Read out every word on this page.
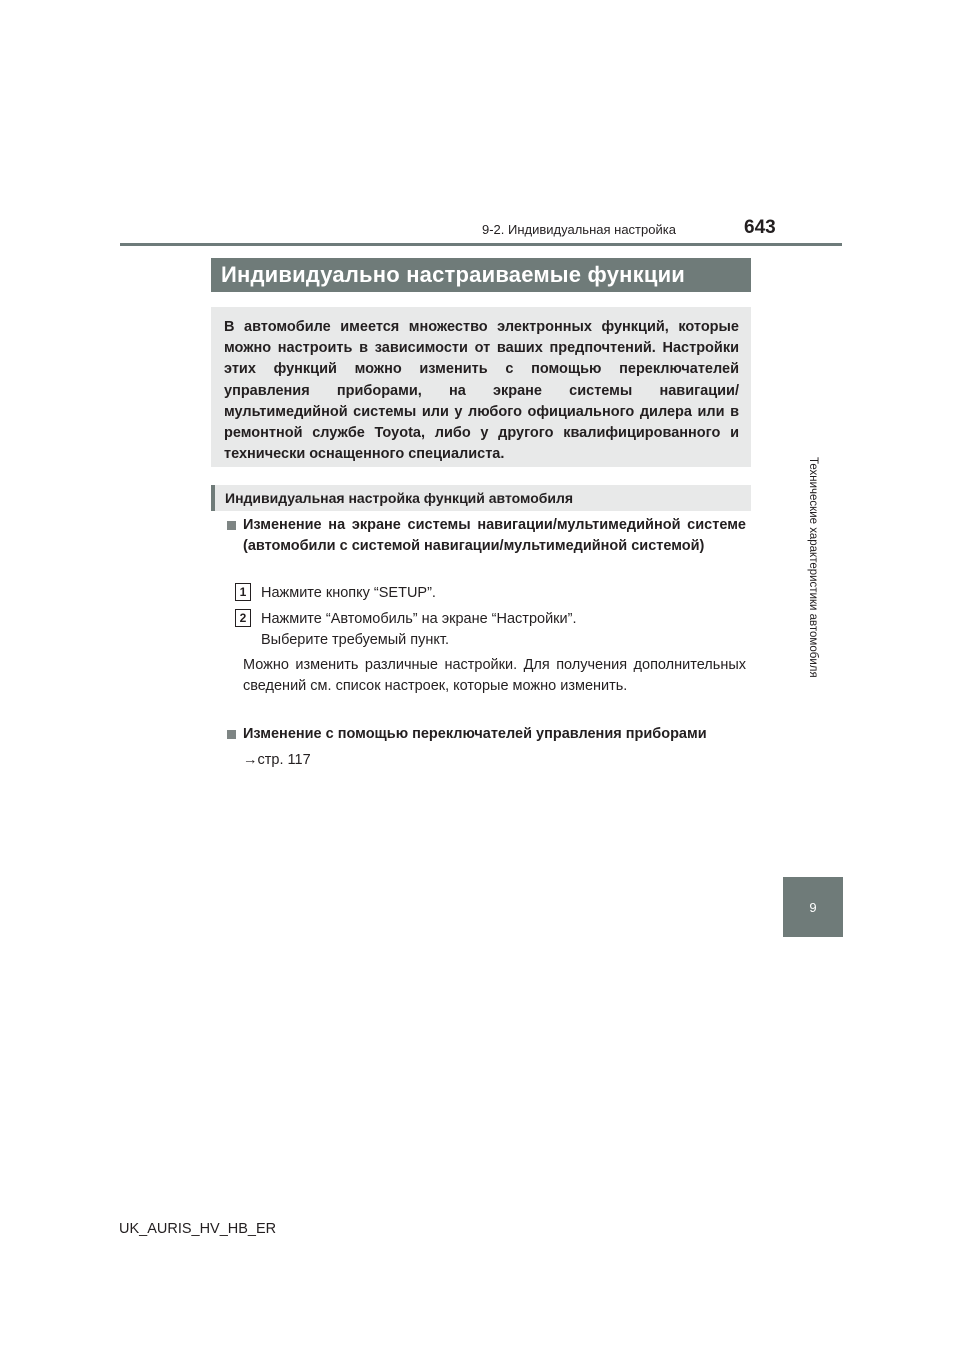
9-2. Индивидуальная настройка	643
Технические характеристики автомобиля
9
Индивидуально настраиваемые функции

В автомобиле имеется множество электронных функций, которые можно настроить в зависимости от ваших предпочтений. Настройки этих функций можно изменить с помощью переключателей управления приборами, на экране системы навигации/мультимедийной системы или у любого официального дилера или в ремонтной службе Toyota, либо у другого квалифицированного и технически оснащенного специалиста.

Индивидуальная настройка функций автомобиля
Изменение на экране системы навигации/мультимедийной системе (автомобили с системой навигации/мультимедийной системой)
1	Нажмите кнопку “SETUP”.
2	Нажмите “Автомобиль” на экране “Настройки”.
Выберите требуемый пункт.
Можно изменить различные настройки. Для получения дополнительных сведений см. список настроек, которые можно изменить.
Изменение с помощью переключателей управления приборами
→стр. 117
UK_AURIS_HV_HB_ER
